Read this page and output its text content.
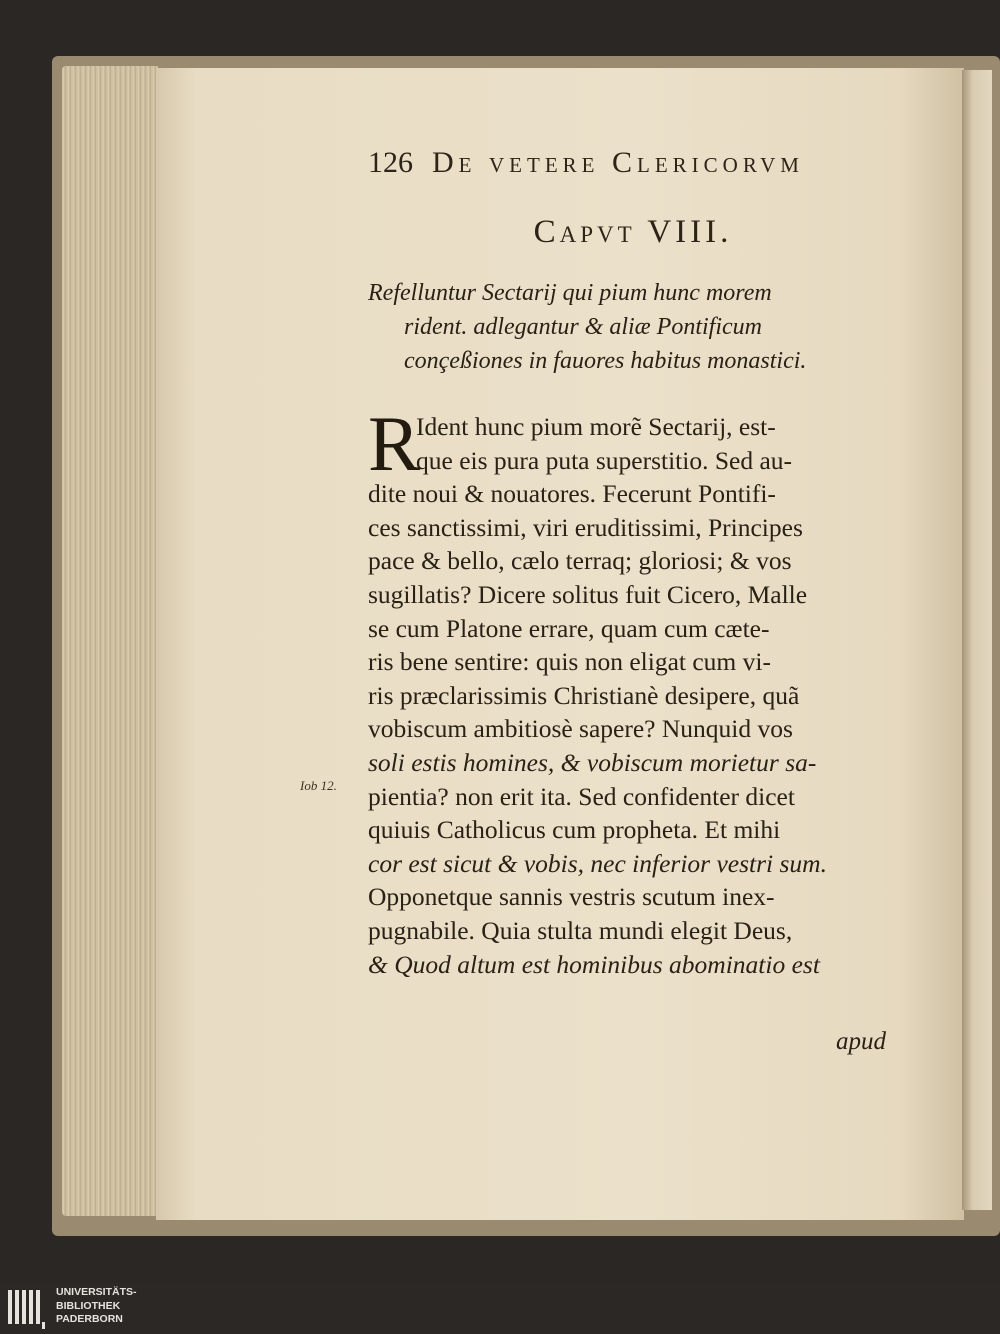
126 De vetere Clericorvm
Capvt VIII.
Refelluntur Sectarij qui pium hunc morem
rident. adlegantur & aliæ Pontificum
conçeßiones in fauores habitus monastici.
R
Ident hunc pium morẽ Sectarij, est-
que eis pura puta superstitio. Sed au-
dite noui & nouatores. Fecerunt Pontifi-
ces sanctissimi, viri eruditissimi, Principes
pace & bello, cælo terraq; gloriosi; & vos
sugillatis? Dicere solitus fuit Cicero, Malle
se cum Platone errare, quam cum cæte-
ris bene sentire: quis non eligat cum vi-
ris præclarissimis Christianè desipere, quã
vobiscum ambitiosè sapere? Nunquid vos
soli estis homines, & vobiscum morietur sa-
pientia? non erit ita. Sed confidenter dicet
quiuis Catholicus cum propheta. Et mihi
cor est sicut & vobis, nec inferior vestri sum.
Opponetque sannis vestris scutum inex-
pugnabile. Quia stulta mundi elegit Deus,
& Quod altum est hominibus abominatio est
Iob 12.
apud
UNIVERSITÄTS-
BIBLIOTHEK
PADERBORN
